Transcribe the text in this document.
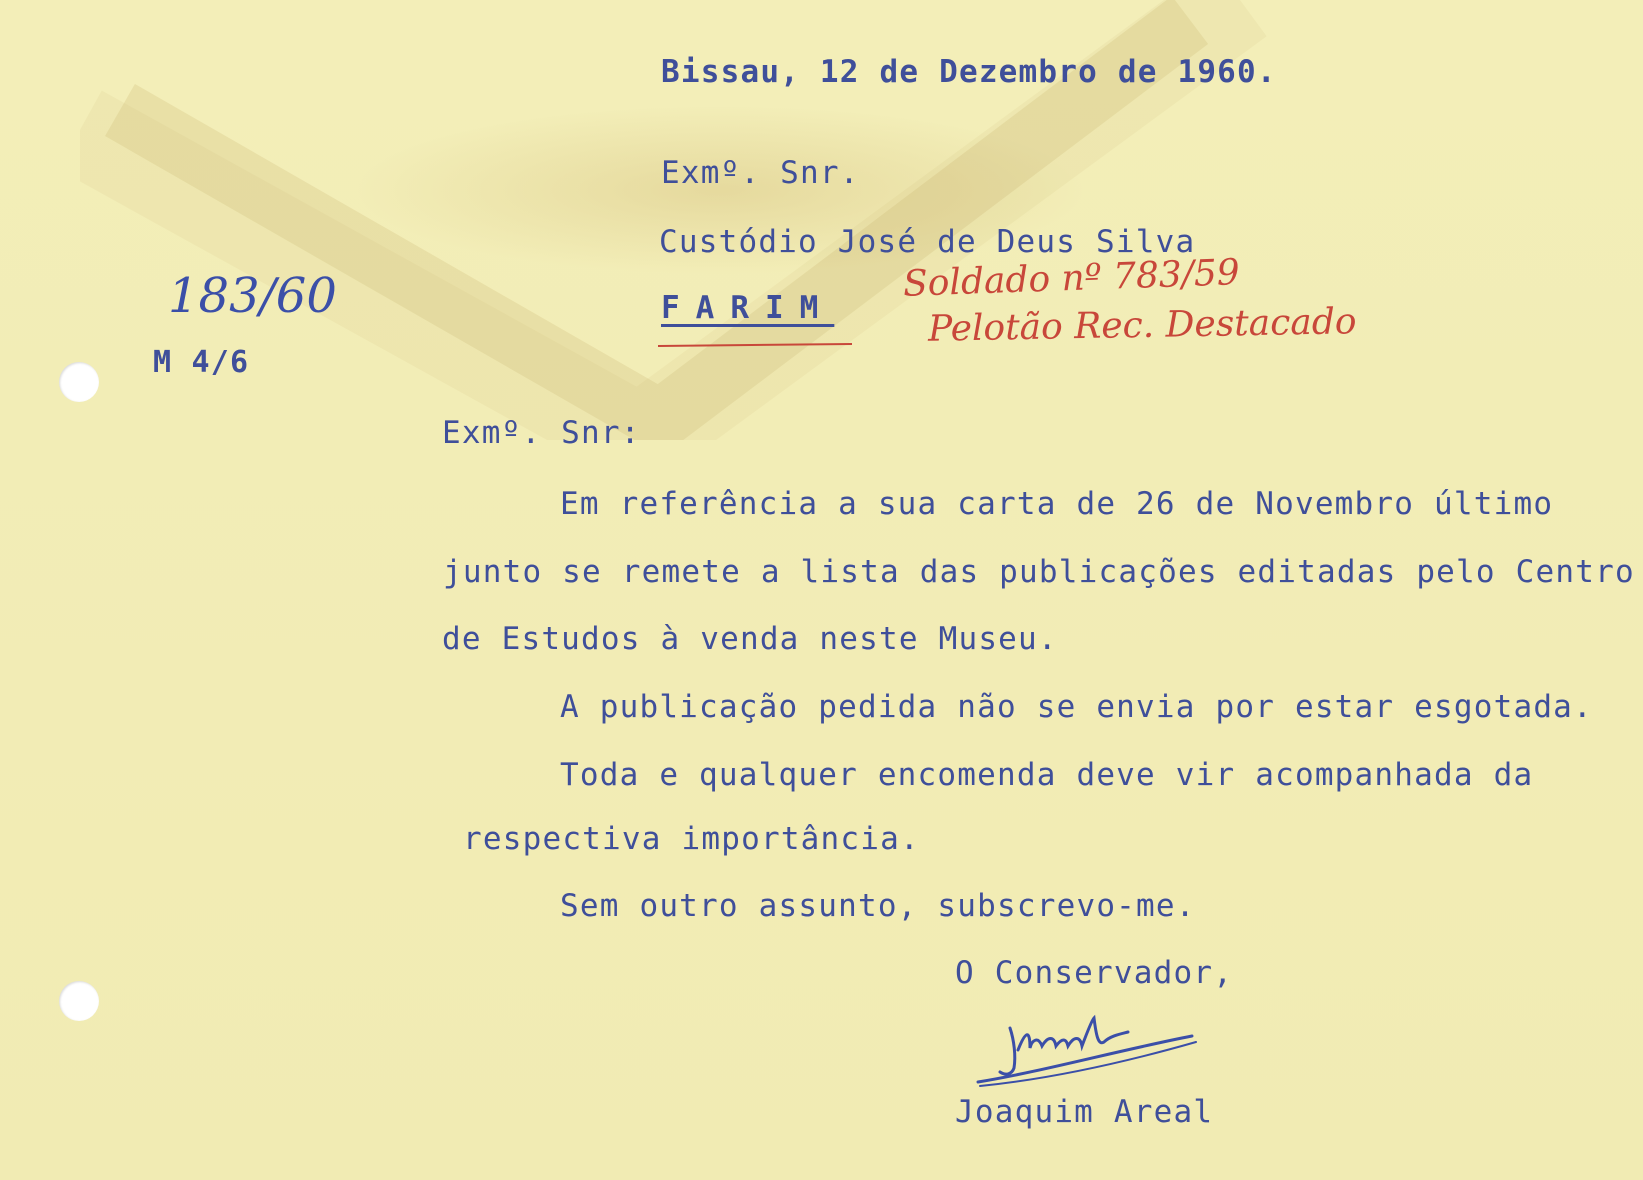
Bissau, 12 de Dezembro de 1960.
Exmº. Snr.
Custódio José de Deus Silva
FARIM
183/60
M 4/6
Soldado nº 783/59
Pelotão Rec. Destacado
Exmº. Snr:
Em referência a sua carta de 26 de Novembro último
junto se remete a lista das publicações editadas pelo Centro
de Estudos à venda neste Museu.
A publicação pedida não se envia por estar esgotada.
Toda e qualquer encomenda deve vir acompanhada da
respectiva importância.
Sem outro assunto, subscrevo-me.
O Conservador,
Joaquim Areal
